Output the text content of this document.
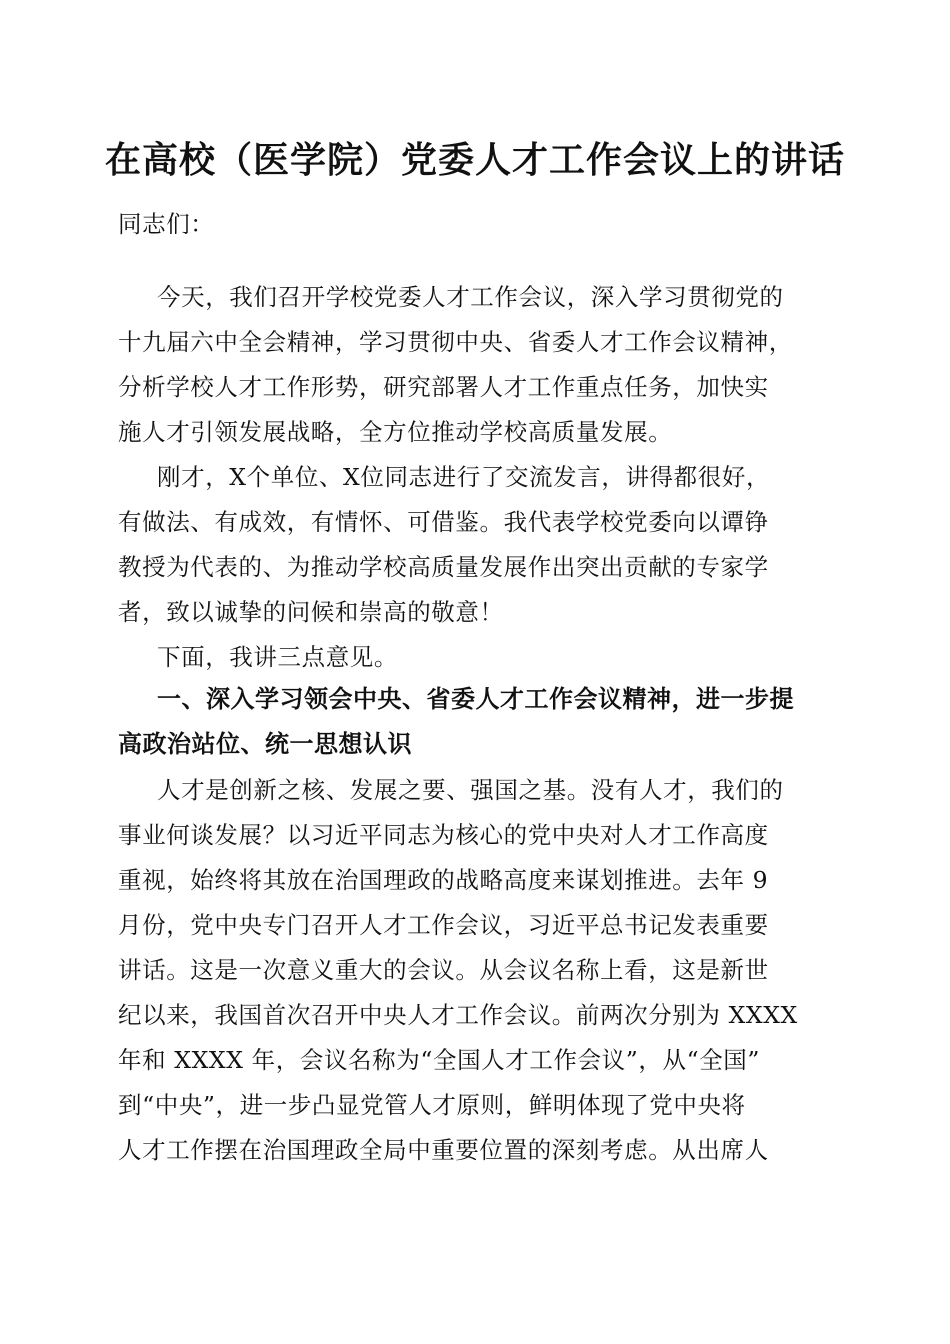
在高校（医学院）党委人才工作会议上的讲话
同志们：
今天，我们召开学校党委人才工作会议，深入学习贯彻党的
十九届六中全会精神，学习贯彻中央、省委人才工作会议精神，
分析学校人才工作形势，研究部署人才工作重点任务，加快实
施人才引领发展战略，全方位推动学校高质量发展。
刚才，X个单位、X位同志进行了交流发言，讲得都很好，
有做法、有成效，有情怀、可借鉴。我代表学校党委向以谭铮
教授为代表的、为推动学校高质量发展作出突出贡献的专家学
者，致以诚挚的问候和崇高的敬意！
下面，我讲三点意见。
一、深入学习领会中央、省委人才工作会议精神，进一步提
高政治站位、统一思想认识
人才是创新之核、发展之要、强国之基。没有人才，我们的
事业何谈发展？以习近平同志为核心的党中央对人才工作高度
重视，始终将其放在治国理政的战略高度来谋划推进。去年 9
月份，党中央专门召开人才工作会议，习近平总书记发表重要
讲话。这是一次意义重大的会议。从会议名称上看，这是新世
纪以来，我国首次召开中央人才工作会议。前两次分别为 XXXX
年和 XXXX 年，会议名称为“全国人才工作会议”，从“全国”
到“中央”，进一步凸显党管人才原则，鲜明体现了党中央将
人才工作摆在治国理政全局中重要位置的深刻考虑。从出席人
